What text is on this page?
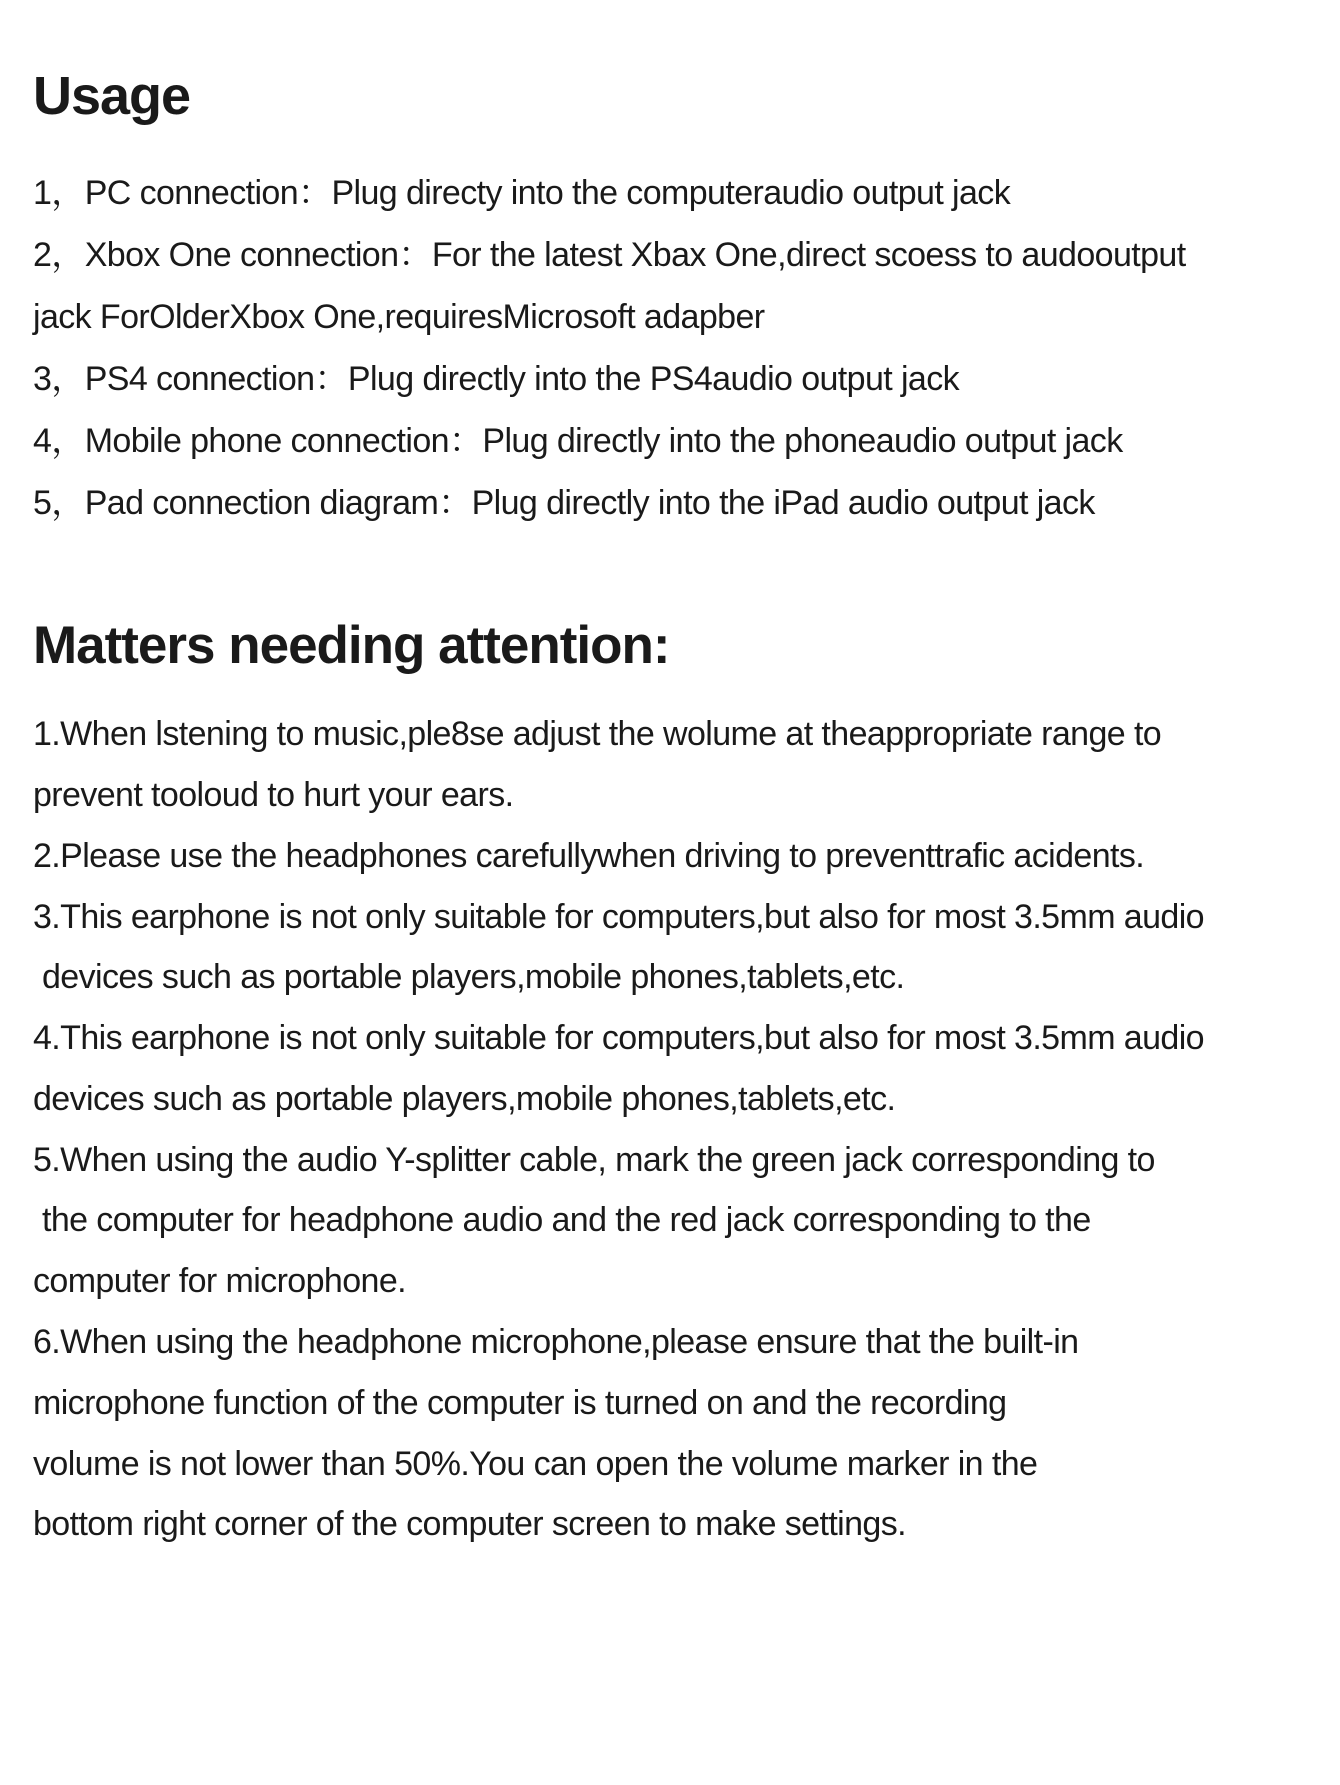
Usage
1，PC connection：Plug directy into the computeraudio output jack
2，Xbox One connection：For the latest Xbax One,direct scoess to audooutput
jack ForOlderXbox One,requiresMicrosoft adapber
3，PS4 connection：Plug directly into the PS4audio output jack
4，Mobile phone connection：Plug directly into the phoneaudio output jack
5，Pad connection diagram：Plug directly into the iPad audio output jack
Matters needing attention:
1.When lstening to music,ple8se adjust the wolume at theappropriate range to
prevent tooloud to hurt your ears.
2.Please use the headphones carefullywhen driving to preventtrafic acidents.
3.This earphone is not only suitable for computers,but also for most 3.5mm audio
devices such as portable players,mobile phones,tablets,etc.
4.This earphone is not only suitable for computers,but also for most 3.5mm audio
devices such as portable players,mobile phones,tablets,etc.
5.When using the audio Y-splitter cable, mark the green jack corresponding to
the computer for headphone audio and the red jack corresponding to the
computer for microphone.
6.When using the headphone microphone,please ensure that the built-in
microphone function of the computer is turned on and the recording
volume is not lower than 50%.You can open the volume marker in the
bottom right corner of the computer screen to make settings.
